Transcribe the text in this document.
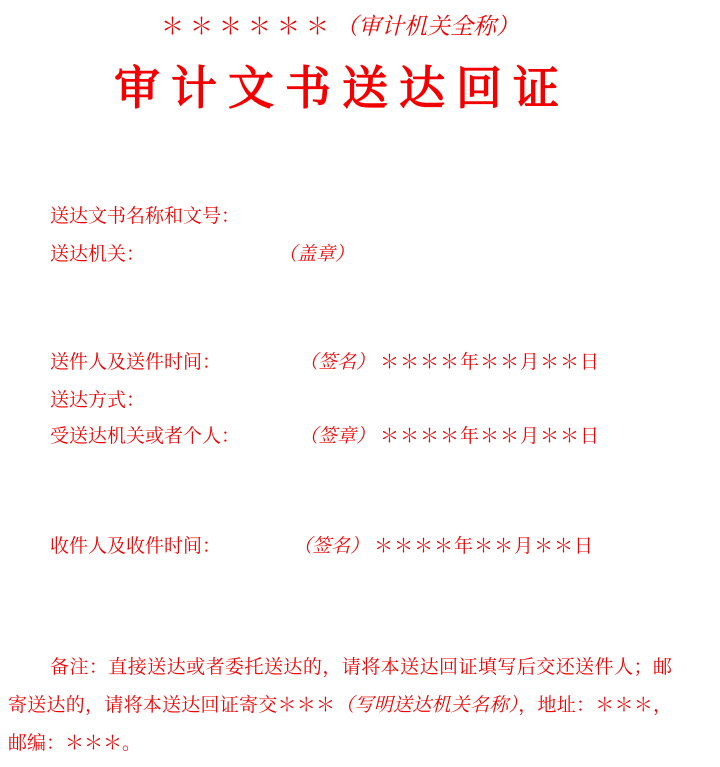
＊＊＊＊＊＊（审计机关全称）
审计文书送达回证
送达文书名称和文号：
送达机关：	（盖章）
送件人及送件时间：	（签名） ＊＊＊＊年＊＊月＊＊日
送达方式：
受送达机关或者个人：	（签章） ＊＊＊＊年＊＊月＊＊日
收件人及收件时间：	（签名） ＊＊＊＊年＊＊月＊＊日
备注：直接送达或者委托送达的，请将本送达回证填写后交还送件人；邮寄送达的，请将本送达回证寄交＊＊＊（写明送达机关名称），地址：＊＊＊，邮编：＊＊＊。
